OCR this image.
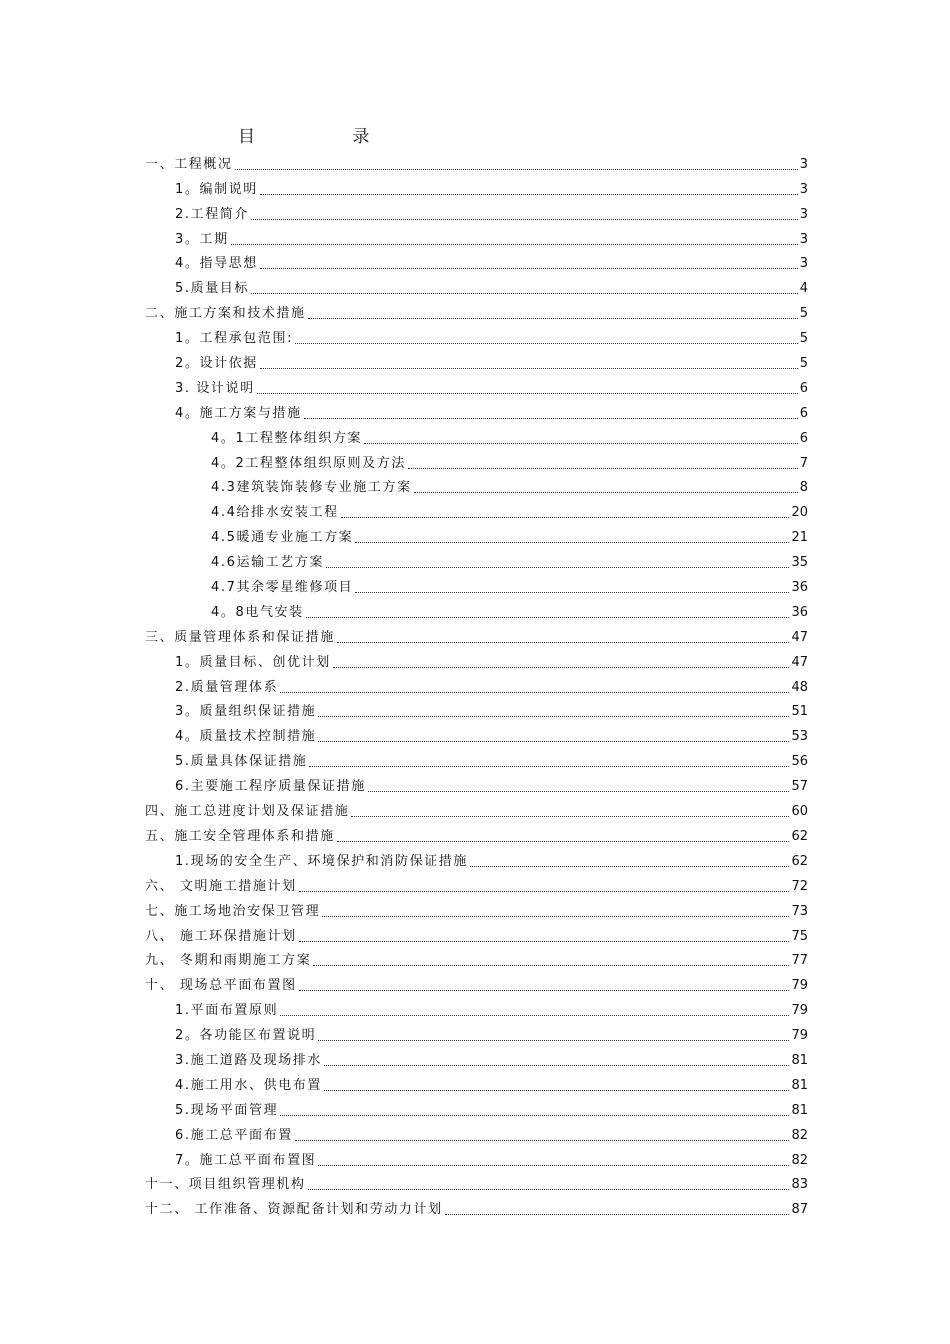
目 录
一、工程概况	3
1。编制说明	3
2.工程简介	3
3。工期	3
4。指导思想	3
5.质量目标	4
二、施工方案和技术措施	5
1。工程承包范围:	5
2。设计依据	5
3. 设计说明	6
4。施工方案与措施	6
4。1工程整体组织方案	6
4。2工程整体组织原则及方法	7
4.3建筑装饰装修专业施工方案	8
4.4给排水安装工程	20
4.5暖通专业施工方案	21
4.6运输工艺方案	35
4.7其余零星维修项目	36
4。8电气安装	36
三、质量管理体系和保证措施	47
1。质量目标、创优计划	47
2.质量管理体系	48
3。质量组织保证措施	51
4。质量技术控制措施	53
5.质量具体保证措施	56
6.主要施工程序质量保证措施	57
四、施工总进度计划及保证措施	60
五、施工安全管理体系和措施	62
1.现场的安全生产、环境保护和消防保证措施	62
六、 文明施工措施计划	72
七、施工场地治安保卫管理	73
八、 施工环保措施计划	75
九、 冬期和雨期施工方案	77
十、 现场总平面布置图	79
1.平面布置原则	79
2。各功能区布置说明	79
3.施工道路及现场排水	81
4.施工用水、供电布置	81
5.现场平面管理	81
6.施工总平面布置	82
7。施工总平面布置图	82
十一、项目组织管理机构	83
十二、 工作准备、资源配备计划和劳动力计划	87
